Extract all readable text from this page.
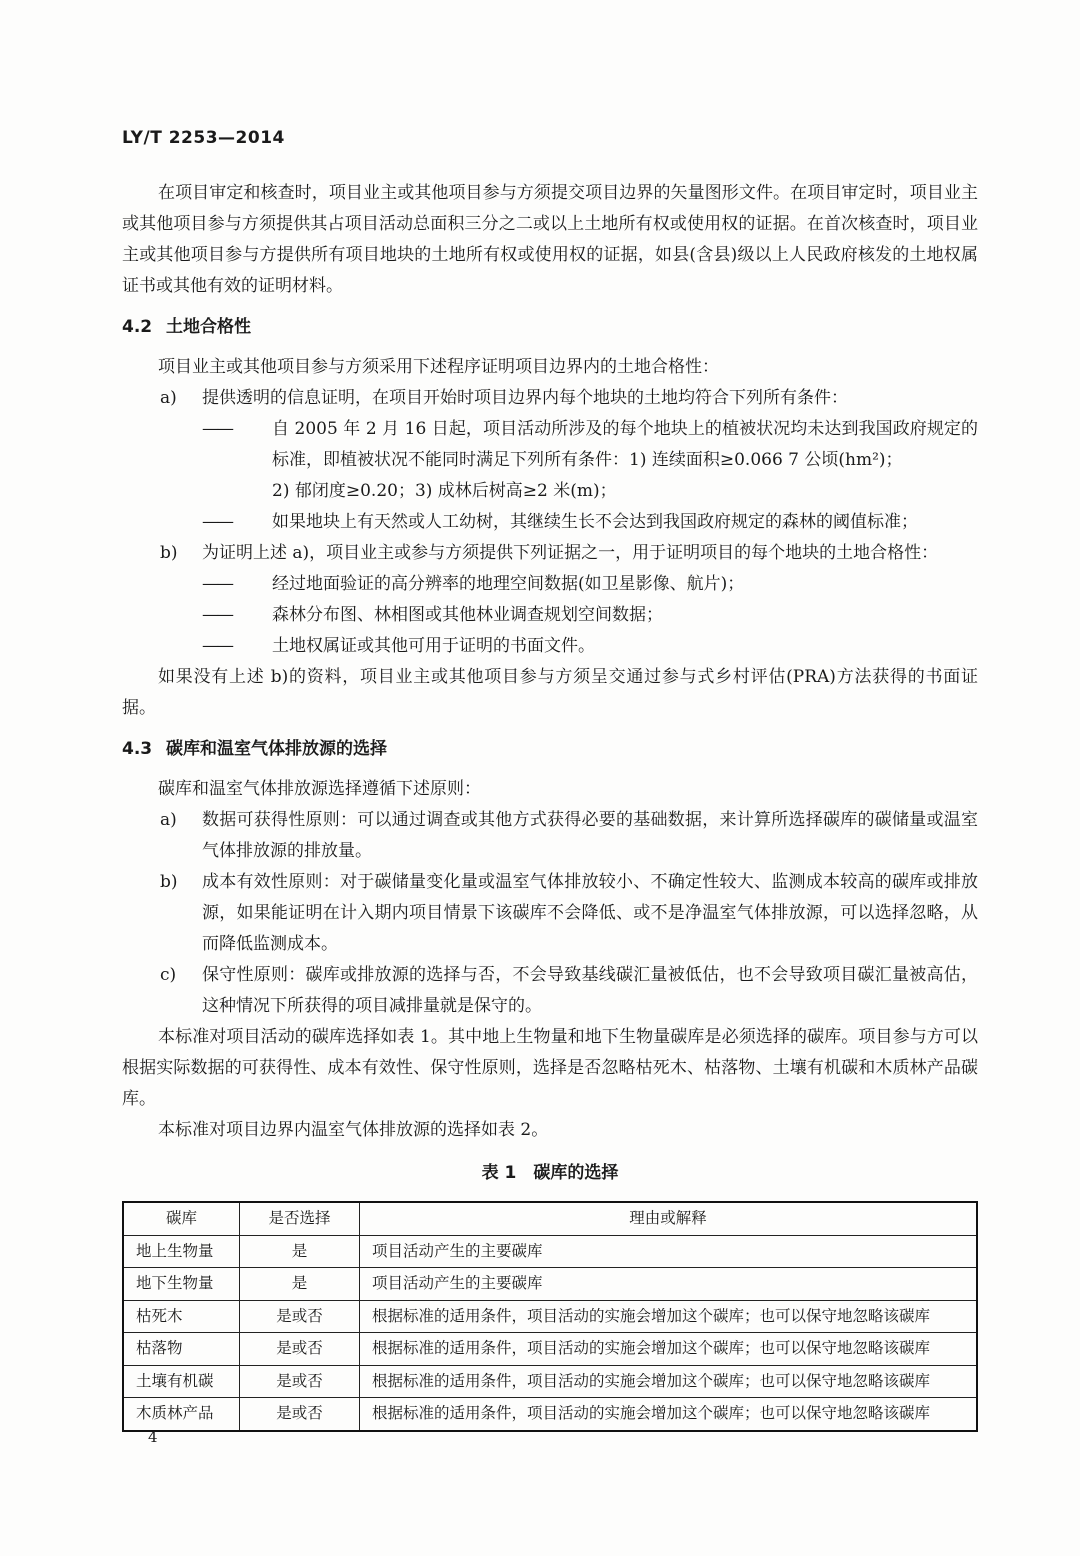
LY/T 2253—2014

在项目审定和核查时，项目业主或其他项目参与方须提交项目边界的矢量图形文件。在项目审定时，项目业主或其他项目参与方须提供其占项目活动总面积三分之二或以上土地所有权或使用权的证据。在首次核查时，项目业主或其他项目参与方提供所有项目地块的土地所有权或使用权的证据，如县(含县)级以上人民政府核发的土地权属证书或其他有效的证明材料。

4.2 土地合格性

项目业主或其他项目参与方须采用下述程序证明项目边界内的土地合格性：

a) 提供透明的信息证明，在项目开始时项目边界内每个地块的土地均符合下列所有条件：
—— 自 2005 年 2 月 16 日起，项目活动所涉及的每个地块上的植被状况均未达到我国政府规定的标准，即植被状况不能同时满足下列所有条件：1) 连续面积≥0.066 7 公顷(hm²)；
2) 郁闭度≥0.20；3) 成林后树高≥2 米(m)；
—— 如果地块上有天然或人工幼树，其继续生长不会达到我国政府规定的森林的阈值标准；
b) 为证明上述 a)，项目业主或参与方须提供下列证据之一，用于证明项目的每个地块的土地合格性：
—— 经过地面验证的高分辨率的地理空间数据(如卫星影像、航片)；
—— 森林分布图、林相图或其他林业调查规划空间数据；
—— 土地权属证或其他可用于证明的书面文件。

如果没有上述 b)的资料，项目业主或其他项目参与方须呈交通过参与式乡村评估(PRA)方法获得的书面证据。

4.3 碳库和温室气体排放源的选择

碳库和温室气体排放源选择遵循下述原则：

a) 数据可获得性原则：可以通过调查或其他方式获得必要的基础数据，来计算所选择碳库的碳储量或温室气体排放源的排放量。
b) 成本有效性原则：对于碳储量变化量或温室气体排放较小、不确定性较大、监测成本较高的碳库或排放源，如果能证明在计入期内项目情景下该碳库不会降低、或不是净温室气体排放源，可以选择忽略，从而降低监测成本。
c) 保守性原则：碳库或排放源的选择与否，不会导致基线碳汇量被低估，也不会导致项目碳汇量被高估，这种情况下所获得的项目减排量就是保守的。

本标准对项目活动的碳库选择如表 1。其中地上生物量和地下生物量碳库是必须选择的碳库。项目参与方可以根据实际数据的可获得性、成本有效性、保守性原则，选择是否忽略枯死木、枯落物、土壤有机碳和木质林产品碳库。

本标准对项目边界内温室气体排放源的选择如表 2。

表 1　碳库的选择
碳库	是否选择	理由或解释
地上生物量	是	项目活动产生的主要碳库
地下生物量	是	项目活动产生的主要碳库
枯死木	是或否	根据标准的适用条件，项目活动的实施会增加这个碳库；也可以保守地忽略该碳库
枯落物	是或否	根据标准的适用条件，项目活动的实施会增加这个碳库；也可以保守地忽略该碳库
土壤有机碳	是或否	根据标准的适用条件，项目活动的实施会增加这个碳库；也可以保守地忽略该碳库
木质林产品	是或否	根据标准的适用条件，项目活动的实施会增加这个碳库；也可以保守地忽略该碳库
4
